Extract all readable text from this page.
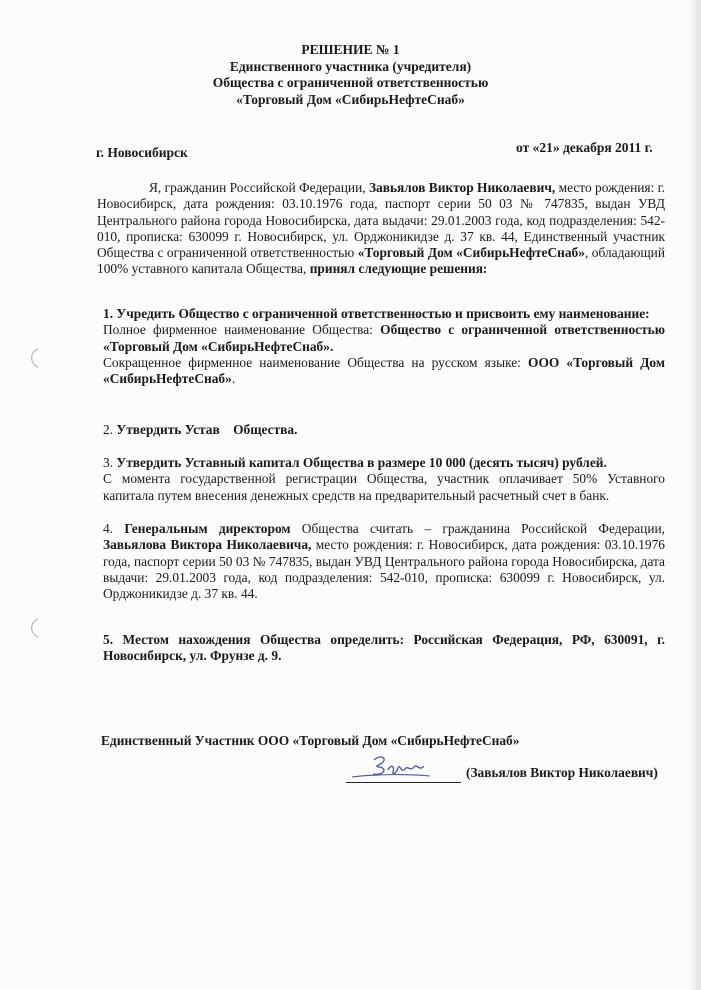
РЕШЕНИЕ № 1
Единственного участника (учредителя)
Общества с ограниченной ответственностью
«Торговый Дом «СибирьНефтеСнаб»
г. Новосибирск	от «21» декабря 2011 г.
Я, гражданин Российской Федерации, Завьялов Виктор Николаевич, место рождения: г. Новосибирск, дата рождения: 03.10.1976 года, паспорт серии 50 03 № 747835, выдан УВД Центрального района города Новосибирска, дата выдачи: 29.01.2003 года, код подразделения: 542-010, прописка: 630099 г. Новосибирск, ул. Орджоникидзе д. 37 кв. 44, Единственный участник Общества с ограниченной ответственностью «Торговый Дом «СибирьНефтеСнаб», обладающий 100% уставного капитала Общества, принял следующие решения:
1. Учредить Общество с ограниченной ответственностью и присвоить ему наименование:
Полное фирменное наименование Общества: Общество с ограниченной ответственностью «Торговый Дом «СибирьНефтеСнаб».
Сокращенное фирменное наименование Общества на русском языке: ООО «Торговый Дом «СибирьНефтеСнаб».
2. Утвердить Устав    Общества.
3. Утвердить Уставный капитал Общества в размере 10 000 (десять тысяч) рублей.
С момента государственной регистрации Общества, участник оплачивает 50% Уставного капитала путем внесения денежных средств на предварительный расчетный счет в банк.
4. Генеральным директором Общества считать – гражданина Российской Федерации, Завьялова Виктора Николаевича, место рождения: г. Новосибирск, дата рождения: 03.10.1976 года, паспорт серии 50 03 № 747835, выдан УВД Центрального района города Новосибирска, дата выдачи: 29.01.2003 года, код подразделения: 542-010, прописка: 630099 г. Новосибирск, ул. Орджоникидзе д. 37 кв. 44.
5. Местом нахождения Общества определить: Российская Федерация, РФ, 630091, г. Новосибирск, ул. Фрунзе д. 9.
Единственный Участник ООО «Торговый Дом «СибирьНефтеСнаб»
(Завьялов Виктор Николаевич)
